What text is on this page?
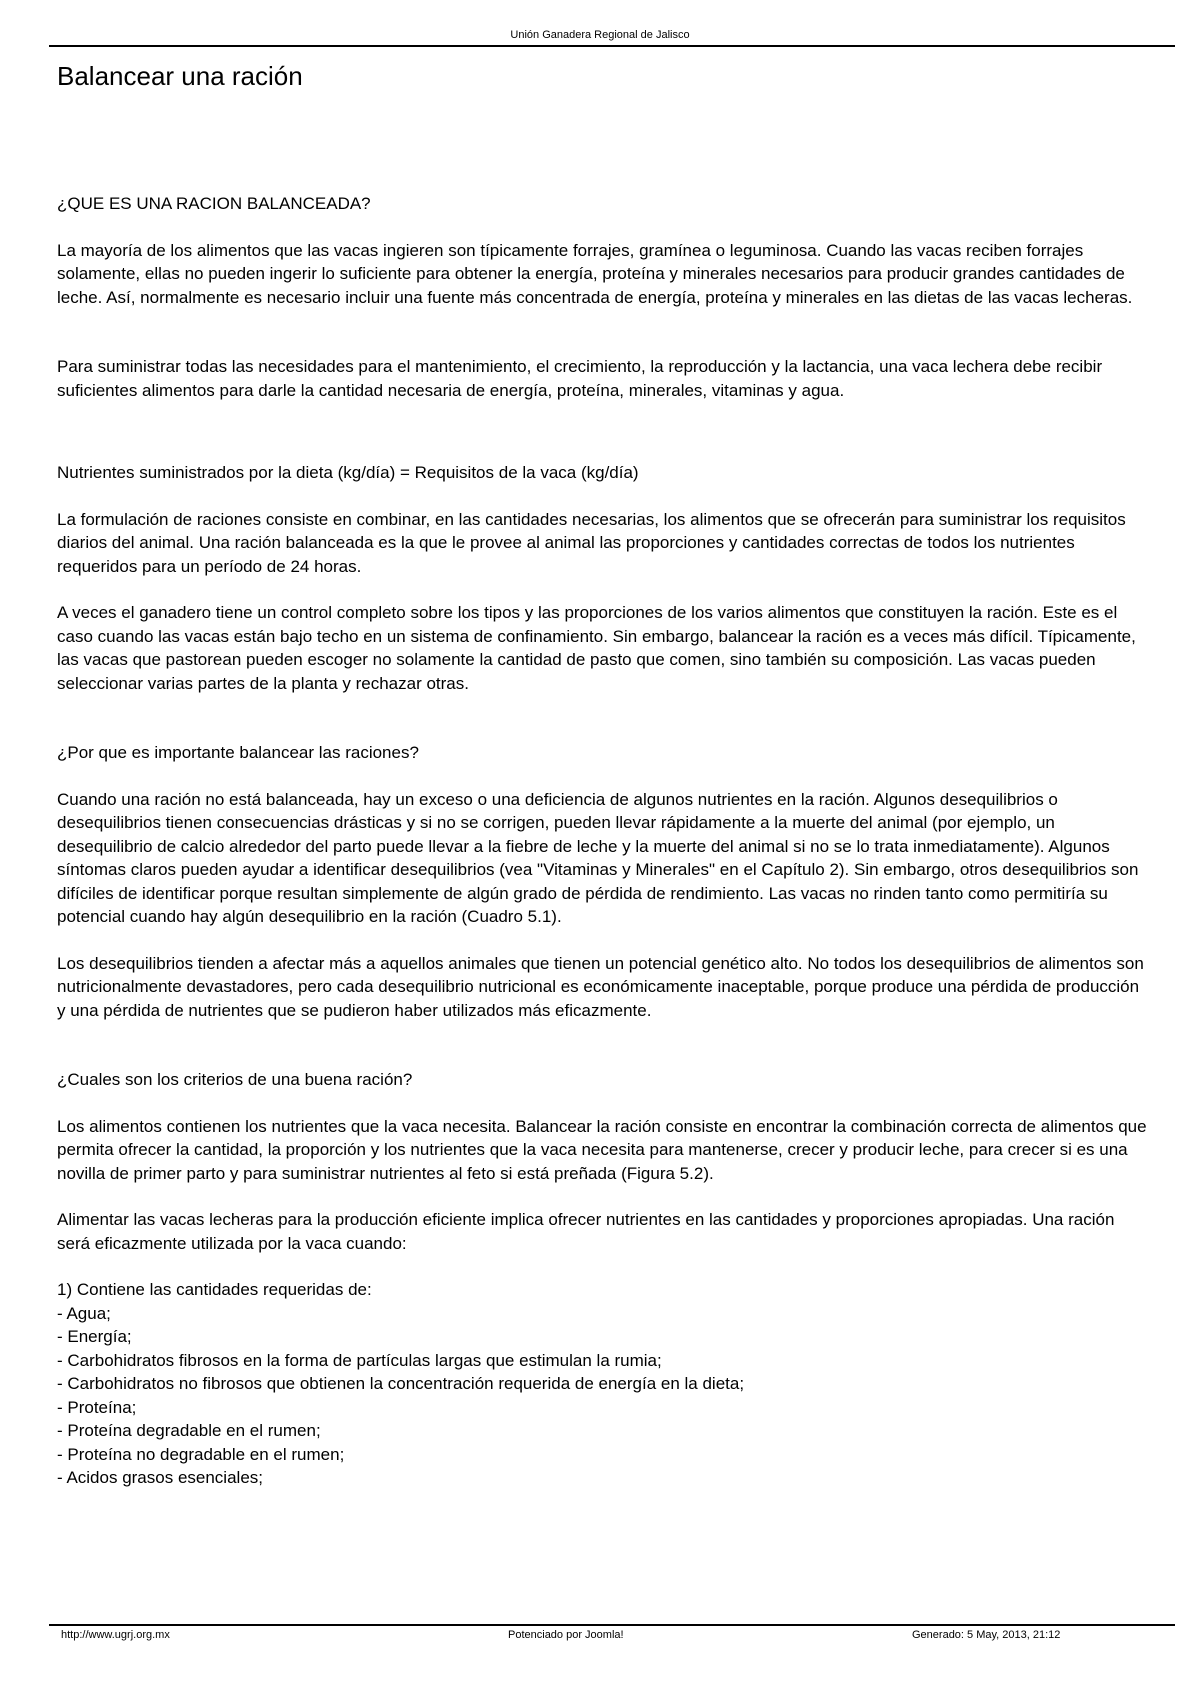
Unión Ganadera Regional de Jalisco
Balancear una ración

¿QUE ES UNA RACION BALANCEADA?

La mayoría de los alimentos que las vacas ingieren son típicamente forrajes, gramínea o leguminosa. Cuando las vacas reciben forrajes solamente, ellas no pueden ingerir lo suficiente para obtener la energía, proteína y minerales necesarios para producir grandes cantidades de leche. Así, normalmente es necesario incluir una fuente más concentrada de energía, proteína y minerales en las dietas de las vacas lecheras.

Para suministrar todas las necesidades para el mantenimiento, el crecimiento, la reproducción y la lactancia, una vaca lechera debe recibir suficientes alimentos para darle la cantidad necesaria de energía, proteína, minerales, vitaminas y agua.

Nutrientes suministrados por la dieta (kg/día) = Requisitos de la vaca (kg/día)

La formulación de raciones consiste en combinar, en las cantidades necesarias, los alimentos que se ofrecerán para suministrar los requisitos diarios del animal. Una ración balanceada es la que le provee al animal las proporciones y cantidades correctas de todos los nutrientes requeridos para un período de 24 horas.

A veces el ganadero tiene un control completo sobre los tipos y las proporciones de los varios alimentos que constituyen la ración. Este es el caso cuando las vacas están bajo techo en un sistema de confinamiento. Sin embargo, balancear la ración es a veces más difícil. Típicamente, las vacas que pastorean pueden escoger no solamente la cantidad de pasto que comen, sino también su composición. Las vacas pueden seleccionar varias partes de la planta y rechazar otras.

¿Por que es importante balancear las raciones?

Cuando una ración no está balanceada, hay un exceso o una deficiencia de algunos nutrientes en la ración. Algunos desequilibrios o desequilibrios tienen consecuencias drásticas y si no se corrigen, pueden llevar rápidamente a la muerte del animal (por ejemplo, un desequilibrio de calcio alrededor del parto puede llevar a la fiebre de leche y la muerte del animal si no se lo trata inmediatamente). Algunos síntomas claros pueden ayudar a identificar desequilibrios (vea "Vitaminas y Minerales" en el Capítulo 2). Sin embargo, otros desequilibrios son difíciles de identificar porque resultan simplemente de algún grado de pérdida de rendimiento. Las vacas no rinden tanto como permitiría su potencial cuando hay algún desequilibrio en la ración (Cuadro 5.1).

Los desequilibrios tienden a afectar más a aquellos animales que tienen un potencial genético alto. No todos los desequilibrios de alimentos son nutricionalmente devastadores, pero cada desequilibrio nutricional es económicamente inaceptable, porque produce una pérdida de producción y una pérdida de nutrientes que se pudieron haber utilizados más eficazmente.

¿Cuales son los criterios de una buena ración?

Los alimentos contienen los nutrientes que la vaca necesita. Balancear la ración consiste en encontrar la combinación correcta de alimentos que permita ofrecer la cantidad, la proporción y los nutrientes que la vaca necesita para mantenerse, crecer y producir leche, para crecer si es una novilla de primer parto y para suministrar nutrientes al feto si está preñada (Figura 5.2).

Alimentar las vacas lecheras para la producción eficiente implica ofrecer nutrientes en las cantidades y proporciones apropiadas. Una ración será eficazmente utilizada por la vaca cuando:

1) Contiene las cantidades requeridas de:

- Agua;

- Energía;

- Carbohidratos fibrosos en la forma de partículas largas que estimulan la rumia;

- Carbohidratos no fibrosos que obtienen la concentración requerida de energía en la dieta;

- Proteína;

- Proteína degradable en el rumen;

- Proteína no degradable en el rumen;

- Acidos grasos esenciales;

http://www.ugrj.org.mx	Potenciado por Joomla!	Generado: 5 May, 2013, 21:12
